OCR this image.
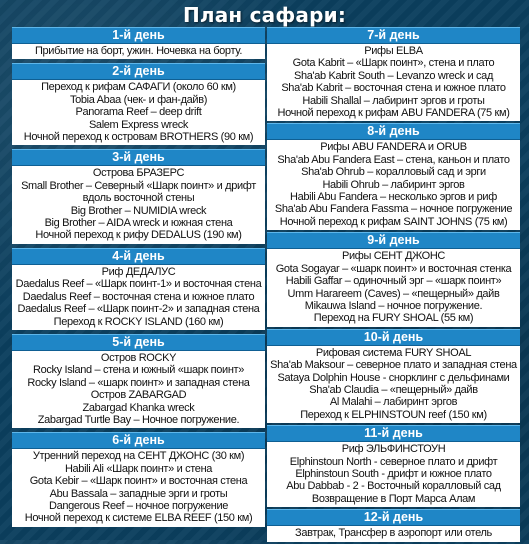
План сафари:
1-й день
Прибытие на борт, ужин. Ночевка на борту.
2-й день
Переход к рифам САФАГИ (около 60 км)
Tobia Abaa (чек- и фан-дайв)
Panorama Reef – deep drift
Salem Express wreck
Ночной переход к островам BROTHERS (90 км)
3-й день
Острова БРАЗЕРС
Small Brother – Северный «Шарк поинт» и дрифт
вдоль восточной стены
Big Brother – NUMIDIA wreck
Big Brother – AIDA wreck и южная стена
Ночной переход к рифу DEDALUS (190 км)
4-й день
Риф ДЕДАЛУС
Daedalus Reef – «Шарк поинт-1» и восточная стена
Daedalus Reef – восточная стена и южное плато
Daedalus Reef – «Шарк поинт-2» и западная стена
Переход к ROCKY ISLAND (160 км)
5-й день
Остров ROCKY
Rocky Island – стена и южный «шарк поинт»
Rocky Island – «шарк поинт» и западная стена
Остров ZABARGAD
Zabargad Khanka wreck
Zabargad Turtle Bay – Ночное погружение.
6-й день
Утренний переход на СЕНТ ДЖОНС (30 км)
Habili Ali «Шарк поинт» и стена
Gota Kebir – «Шарк поинт» и восточная стена
Abu Bassala – западные эрги и гроты
Dangerous Reef – ночное погружение
Ночной переход к системе ELBA REEF (150 км)
7-й день
Рифы ELBA
Gota Kabrit – «Шарк поинт», стена и плато
Sha'ab Kabrit South – Levanzo wreck и сад
Sha'ab Kabrit – восточная стена и южное плато
Habili Shallal – лабиринт эргов и гроты
Ночной переход к рифам ABU FANDERA (75 км)
8-й день
Рифы ABU FANDERA и ORUB
Sha'ab Abu Fandera East – стена, каньон и плато
Sha'ab Ohrub – коралловый сад и эрги
Habili Ohrub – лабиринт эргов
Habili Abu Fandera – несколько эргов и риф
Sha'ab Abu Fandera Fassma – ночное погружение
Ночной переход к рифам SAINT JOHNS (75 км)
9-й день
Рифы СЕНТ ДЖОНС
Gota Sogayar – «шарк поинт» и восточная стенка
Habili Gaffar – одиночный эрг – «шарк поинт»
Umm Harareem (Caves) – «пещерный» дайв
Mikauwa Island – ночное погружение.
Переход на FURY SHOAL (55 км)
10-й день
Рифовая система FURY SHOAL
Sha'ab Maksour – северное плато и западная стена
Sataya Dolphin House - снорклинг с дельфинами
Sha'ab Claudia – «пещерный» дайв
Al Malahi – лабиринт эргов
Переход к ELPHINSTOUN reef (150 км)
11-й день
Риф ЭЛЬФИНСТОУН
Elphinstoun North - северное плато и дрифт
Elphinstoun South - дрифт и южное плато
Abu Dabbab - 2 - Восточный коралловый сад
Возвращение в Порт Марса Алам
12-й день
Завтрак, Трансфер в аэропорт или отель
